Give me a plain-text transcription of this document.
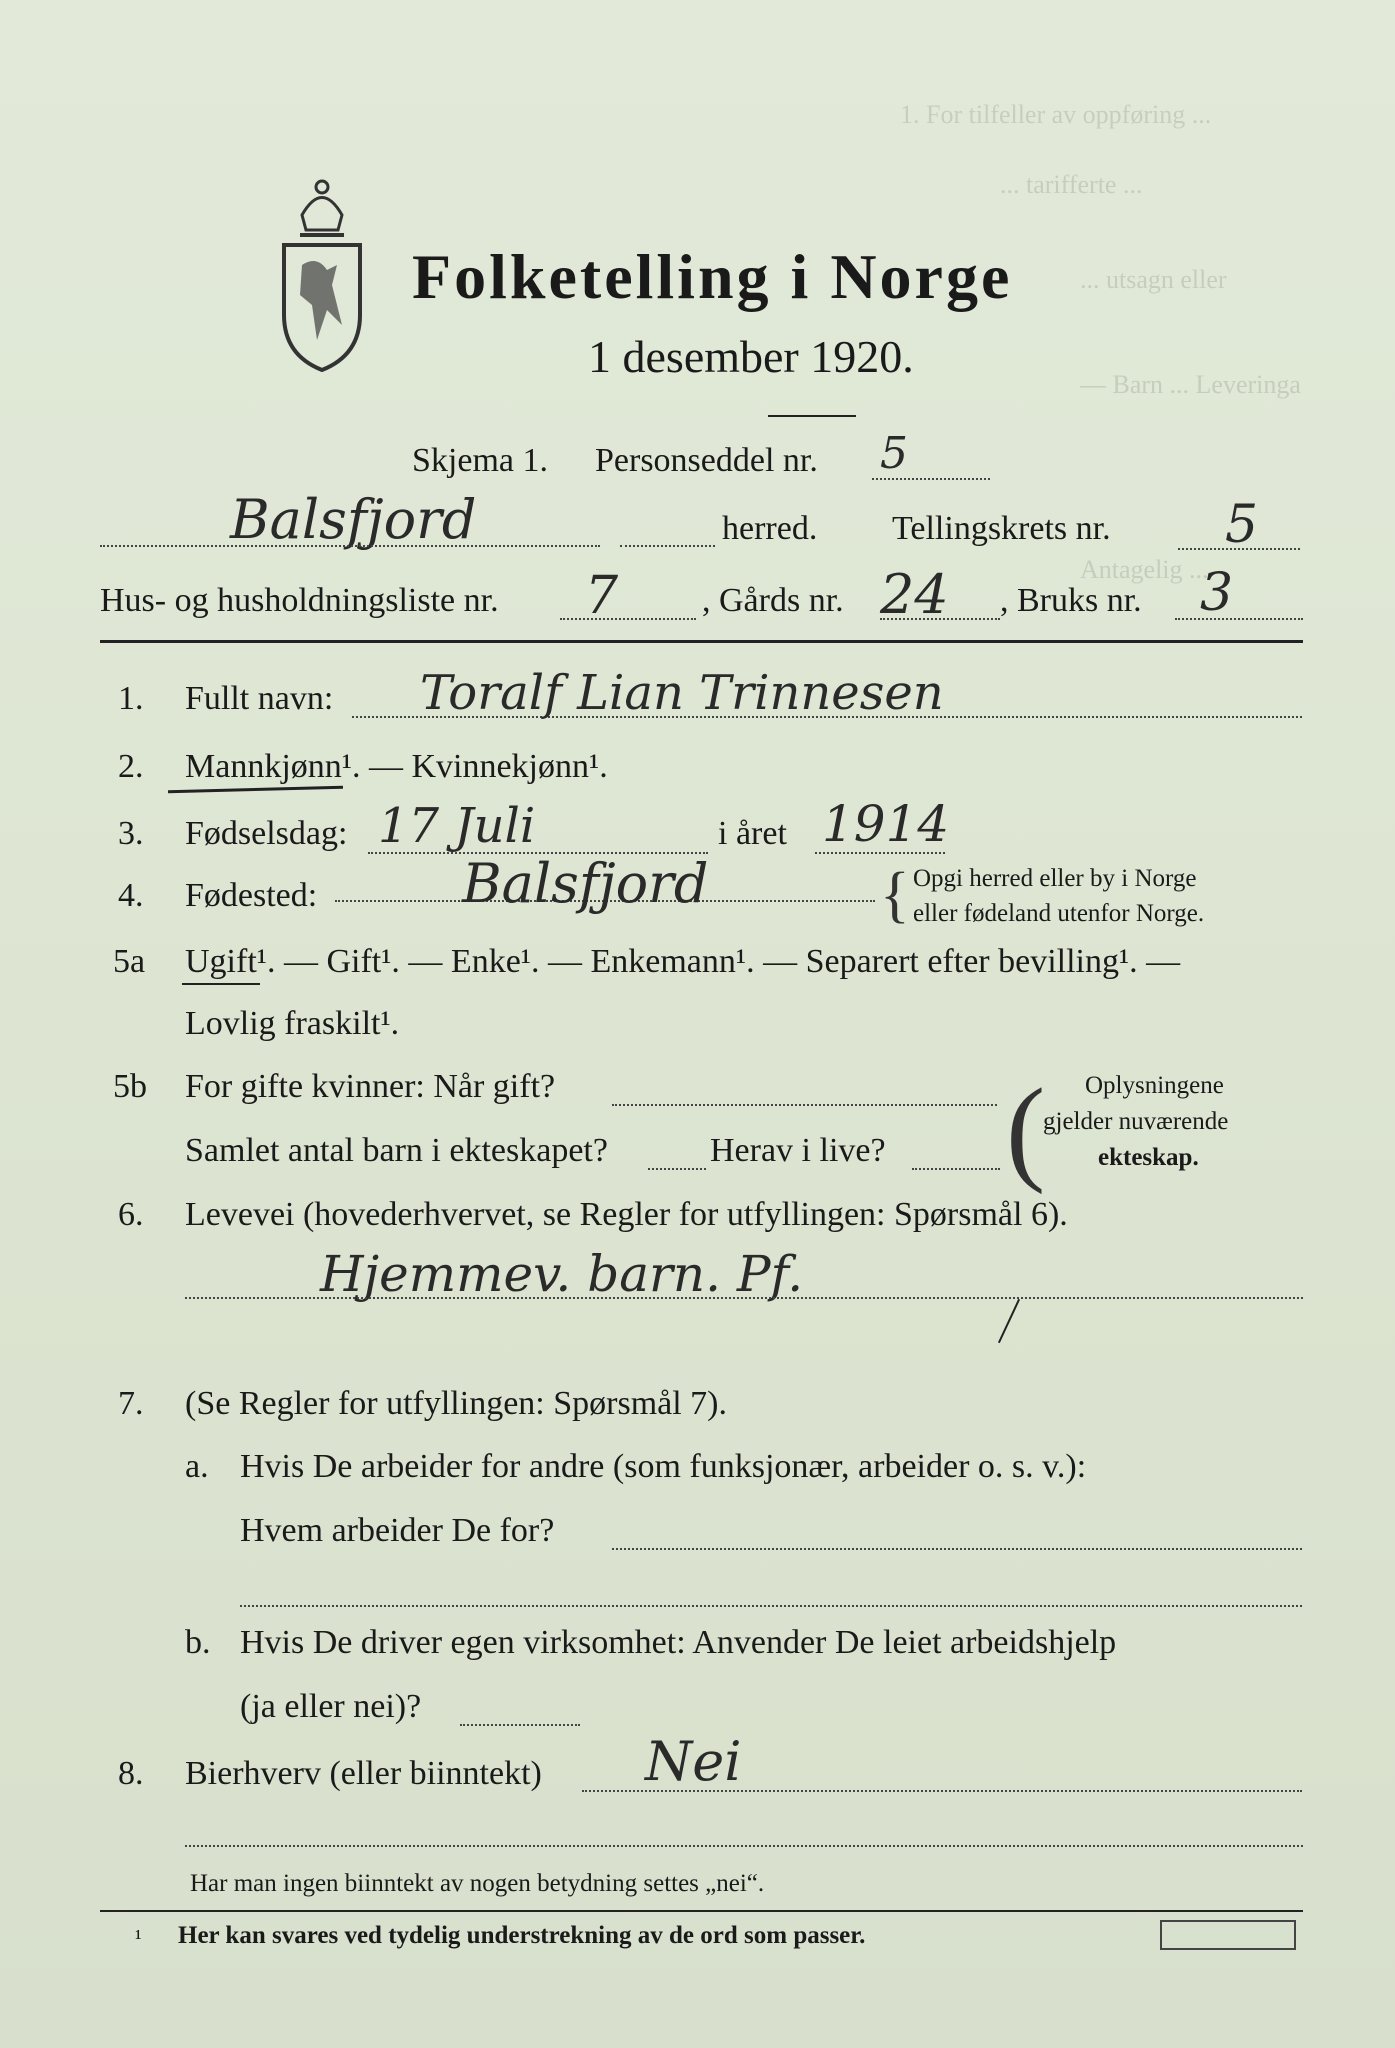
1. For tilfeller av oppføring ...
... tarifferte ...
... utsagn eller
— Barn ... Leveringa
Antagelig ...
Folketelling i Norge
1 desember 1920.
Skjema 1. Personseddel nr. 5
Balsfjord	herred. Tellingskrets nr. 5
Hus- og husholdningsliste nr. 7 , Gårds nr. 24 , Bruks nr. 3
1. Fullt navn: Toralf Lian Trinnesen
2. Mannkjønn¹. — Kvinnekjønn¹.
3. Fødselsdag: 17 Juli	i året 1914
4. Fødested:	Balsfjord	{ Opgi herred eller by i Norge
eller fødeland utenfor Norge.
5a Ugift¹. — Gift¹. — Enke¹. — Enkemann¹. — Separert efter bevilling¹. —
Lovlig fraskilt¹.
5b For gifte kvinner: Når gift?
Samlet antal barn i ekteskapet?	Herav i live? ( Oplysningene
gjelder nuværende
ekteskap.
6. Levevei (hovederhvervet, se Regler for utfyllingen: Spørsmål 6).
Hjemmev. barn. Pf.
7. (Se Regler for utfyllingen: Spørsmål 7).
a. Hvis De arbeider for andre (som funksjonær, arbeider o. s. v.):
Hvem arbeider De for?
b. Hvis De driver egen virksomhet: Anvender De leiet arbeidshjelp
(ja eller nei)?
8. Bierhverv (eller biinntekt) Nei
Har man ingen biinntekt av nogen betydning settes „nei“.
¹ Her kan svares ved tydelig understrekning av de ord som passer.
